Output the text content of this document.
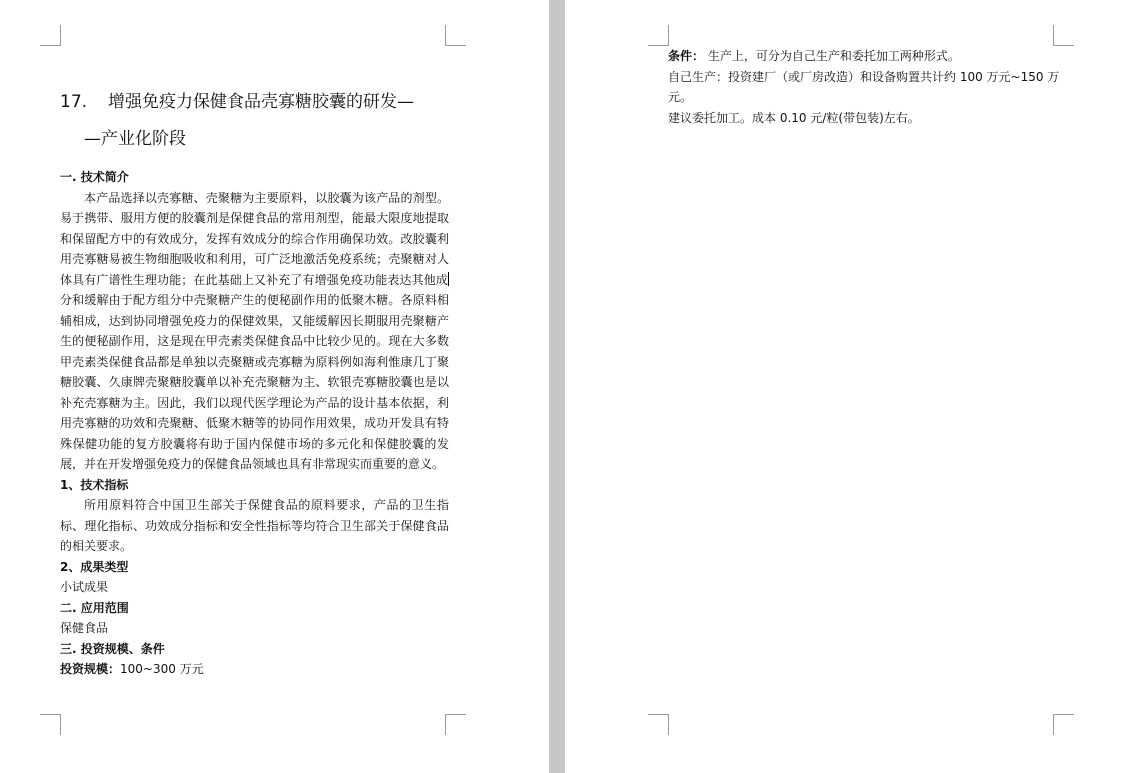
17.	增强免疫力保健食品壳寡糖胶囊的研发—
—产业化阶段
一. 技术简介

本产品选择以壳寡糖、壳聚糖为主要原料，以胶囊为该产品的剂型。易于携带、服用方便的胶囊剂是保健食品的常用剂型，能最大限度地提取和保留配方中的有效成分，发挥有效成分的综合作用确保功效。改胶囊利用壳寡糖易被生物细胞吸收和利用，可广泛地激活免疫系统；壳聚糖对人体具有广谱性生理功能；在此基础上又补充了有增强免疫功能表达其他成分和缓解由于配方组分中壳聚糖产生的便秘副作用的低聚木糖。各原料相辅相成，达到协同增强免疫力的保健效果，又能缓解因长期服用壳聚糖产生的便秘副作用，这是现在甲壳素类保健食品中比较少见的。现在大多数甲壳素类保健食品都是单独以壳聚糖或壳寡糖为原料例如海利惟康几丁聚糖胶囊、久康牌壳聚糖胶囊单以补充壳聚糖为主、软银壳寡糖胶囊也是以补充壳寡糖为主。因此，我们以现代医学理论为产品的设计基本依据，利用壳寡糖的功效和壳聚糖、低聚木糖等的协同作用效果，成功开发具有特殊保健功能的复方胶囊将有助于国内保健市场的多元化和保健胶囊的发展，并在开发增强免疫力的保健食品领域也具有非常现实而重要的意义。

1、技术指标

所用原料符合中国卫生部关于保健食品的原料要求，产品的卫生指标、理化指标、功效成分指标和安全性指标等均符合卫生部关于保健食品的相关要求。

2、成果类型
小试成果
二. 应用范围
保健食品
三. 投资规模、条件
投资规模：100~300 万元
条件： 生产上，可分为自己生产和委托加工两种形式。
自己生产：投资建厂（或厂房改造）和设备购置共计约 100 万元~150 万元。
建议委托加工。成本 0.10 元/粒(带包装)左右。
